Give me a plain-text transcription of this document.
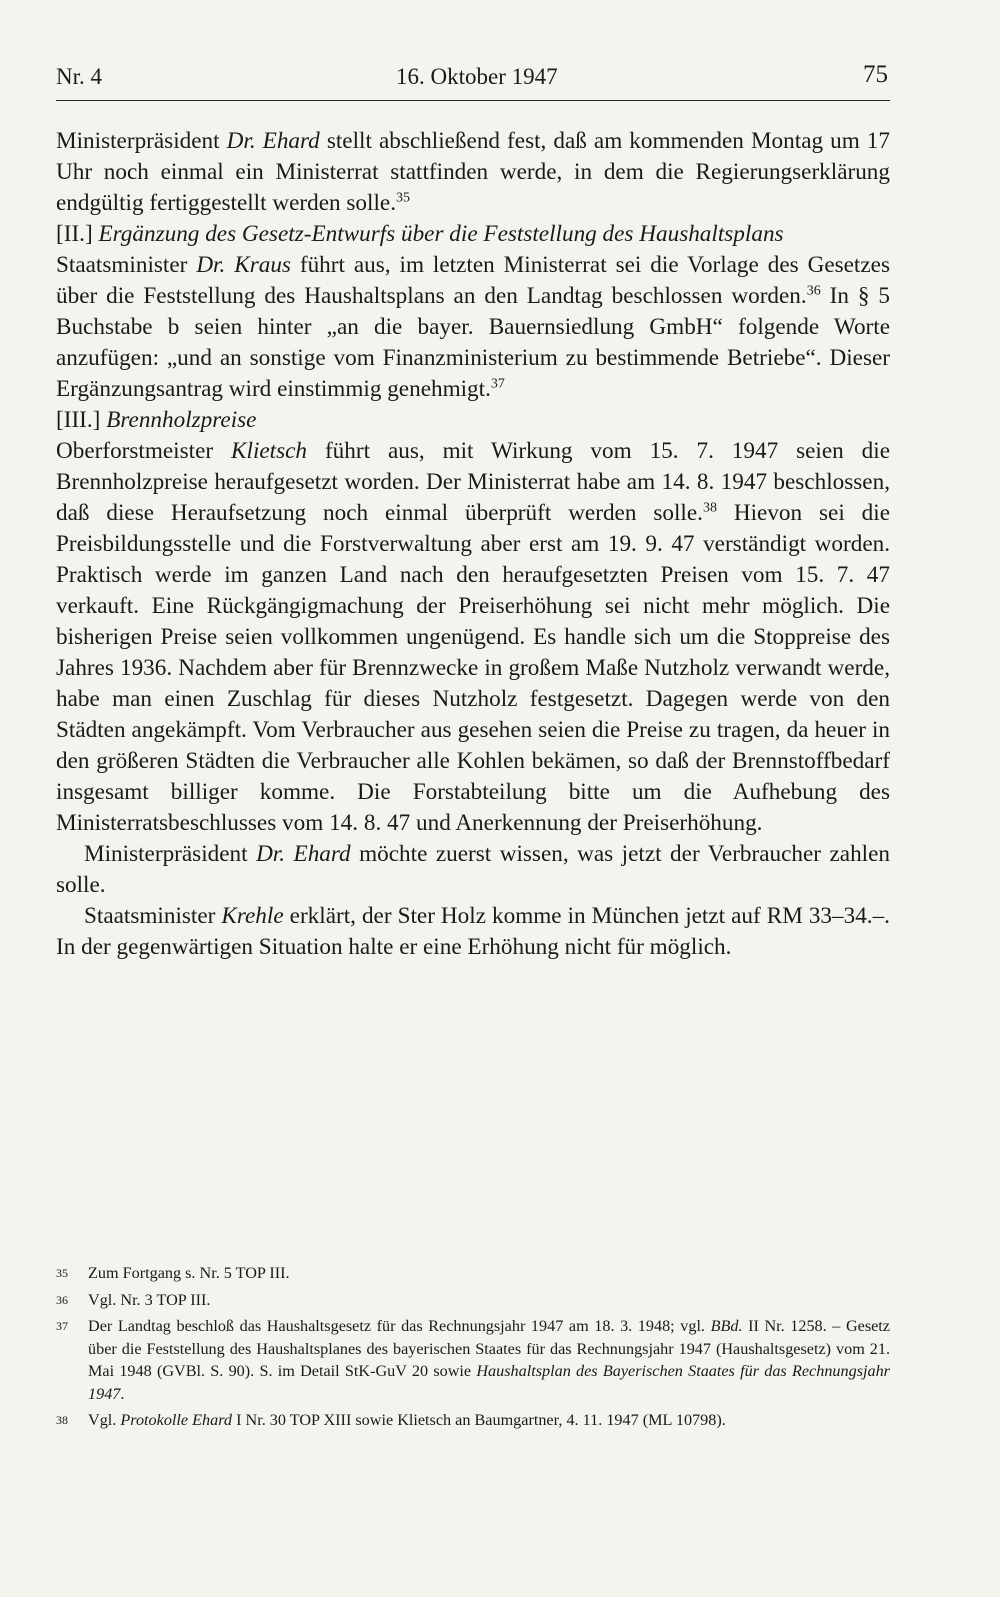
Nr. 4	16. Oktober 1947	75

Ministerpräsident Dr. Ehard stellt abschließend fest, daß am kommenden Montag um 17 Uhr noch einmal ein Ministerrat stattfinden werde, in dem die Regierungserklärung endgültig fertiggestellt werden solle.$^{35}$

[II.] Ergänzung des Gesetz-Entwurfs über die Feststellung des Haushaltsplans

Staatsminister Dr. Kraus führt aus, im letzten Ministerrat sei die Vorlage des Gesetzes über die Feststellung des Haushaltsplans an den Landtag beschlossen worden.$^{36}$ In § 5 Buchstabe b seien hinter „an die bayer. Bauernsiedlung GmbH“ folgende Worte anzufügen: „und an sonstige vom Finanzministerium zu bestimmende Betriebe“. Dieser Ergänzungsantrag wird einstimmig genehmigt.$^{37}$

[III.] Brennholzpreise

Oberforstmeister Klietsch führt aus, mit Wirkung vom 15. 7. 1947 seien die Brennholzpreise heraufgesetzt worden. Der Ministerrat habe am 14. 8. 1947 beschlossen, daß diese Heraufsetzung noch einmal überprüft werden solle.$^{38}$ Hievon sei die Preisbildungsstelle und die Forstverwaltung aber erst am 19. 9. 47 verständigt worden. Praktisch werde im ganzen Land nach den heraufgesetzten Preisen vom 15. 7. 47 verkauft. Eine Rückgängigmachung der Preiserhöhung sei nicht mehr möglich. Die bisherigen Preise seien vollkommen ungenügend. Es handle sich um die Stoppreise des Jahres 1936. Nachdem aber für Brennzwecke in großem Maße Nutzholz verwandt werde, habe man einen Zuschlag für dieses Nutzholz festgesetzt. Dagegen werde von den Städten angekämpft. Vom Verbraucher aus gesehen seien die Preise zu tragen, da heuer in den größeren Städten die Verbraucher alle Kohlen bekämen, so daß der Brennstoffbedarf insgesamt billiger komme. Die Forstabteilung bitte um die Aufhebung des Ministerratsbeschlusses vom 14. 8. 47 und Anerkennung der Preiserhöhung.

Ministerpräsident Dr. Ehard möchte zuerst wissen, was jetzt der Verbraucher zahlen solle.

Staatsminister Krehle erklärt, der Ster Holz komme in München jetzt auf RM 33–34.–. In der gegenwärtigen Situation halte er eine Erhöhung nicht für möglich.

35	Zum Fortgang s. Nr. 5 TOP III.
36	Vgl. Nr. 3 TOP III.
37	Der Landtag beschloß das Haushaltsgesetz für das Rechnungsjahr 1947 am 18. 3. 1948; vgl. BBd. II Nr. 1258. – Gesetz über die Feststellung des Haushaltsplanes des bayerischen Staates für das Rechnungsjahr 1947 (Haushaltsgesetz) vom 21. Mai 1948 (GVBl. S. 90). S. im Detail StK-GuV 20 sowie Haushaltsplan des Bayerischen Staates für das Rechnungsjahr 1947.
38	Vgl. Protokolle Ehard I Nr. 30 TOP XIII sowie Klietsch an Baumgartner, 4. 11. 1947 (ML 10798).
